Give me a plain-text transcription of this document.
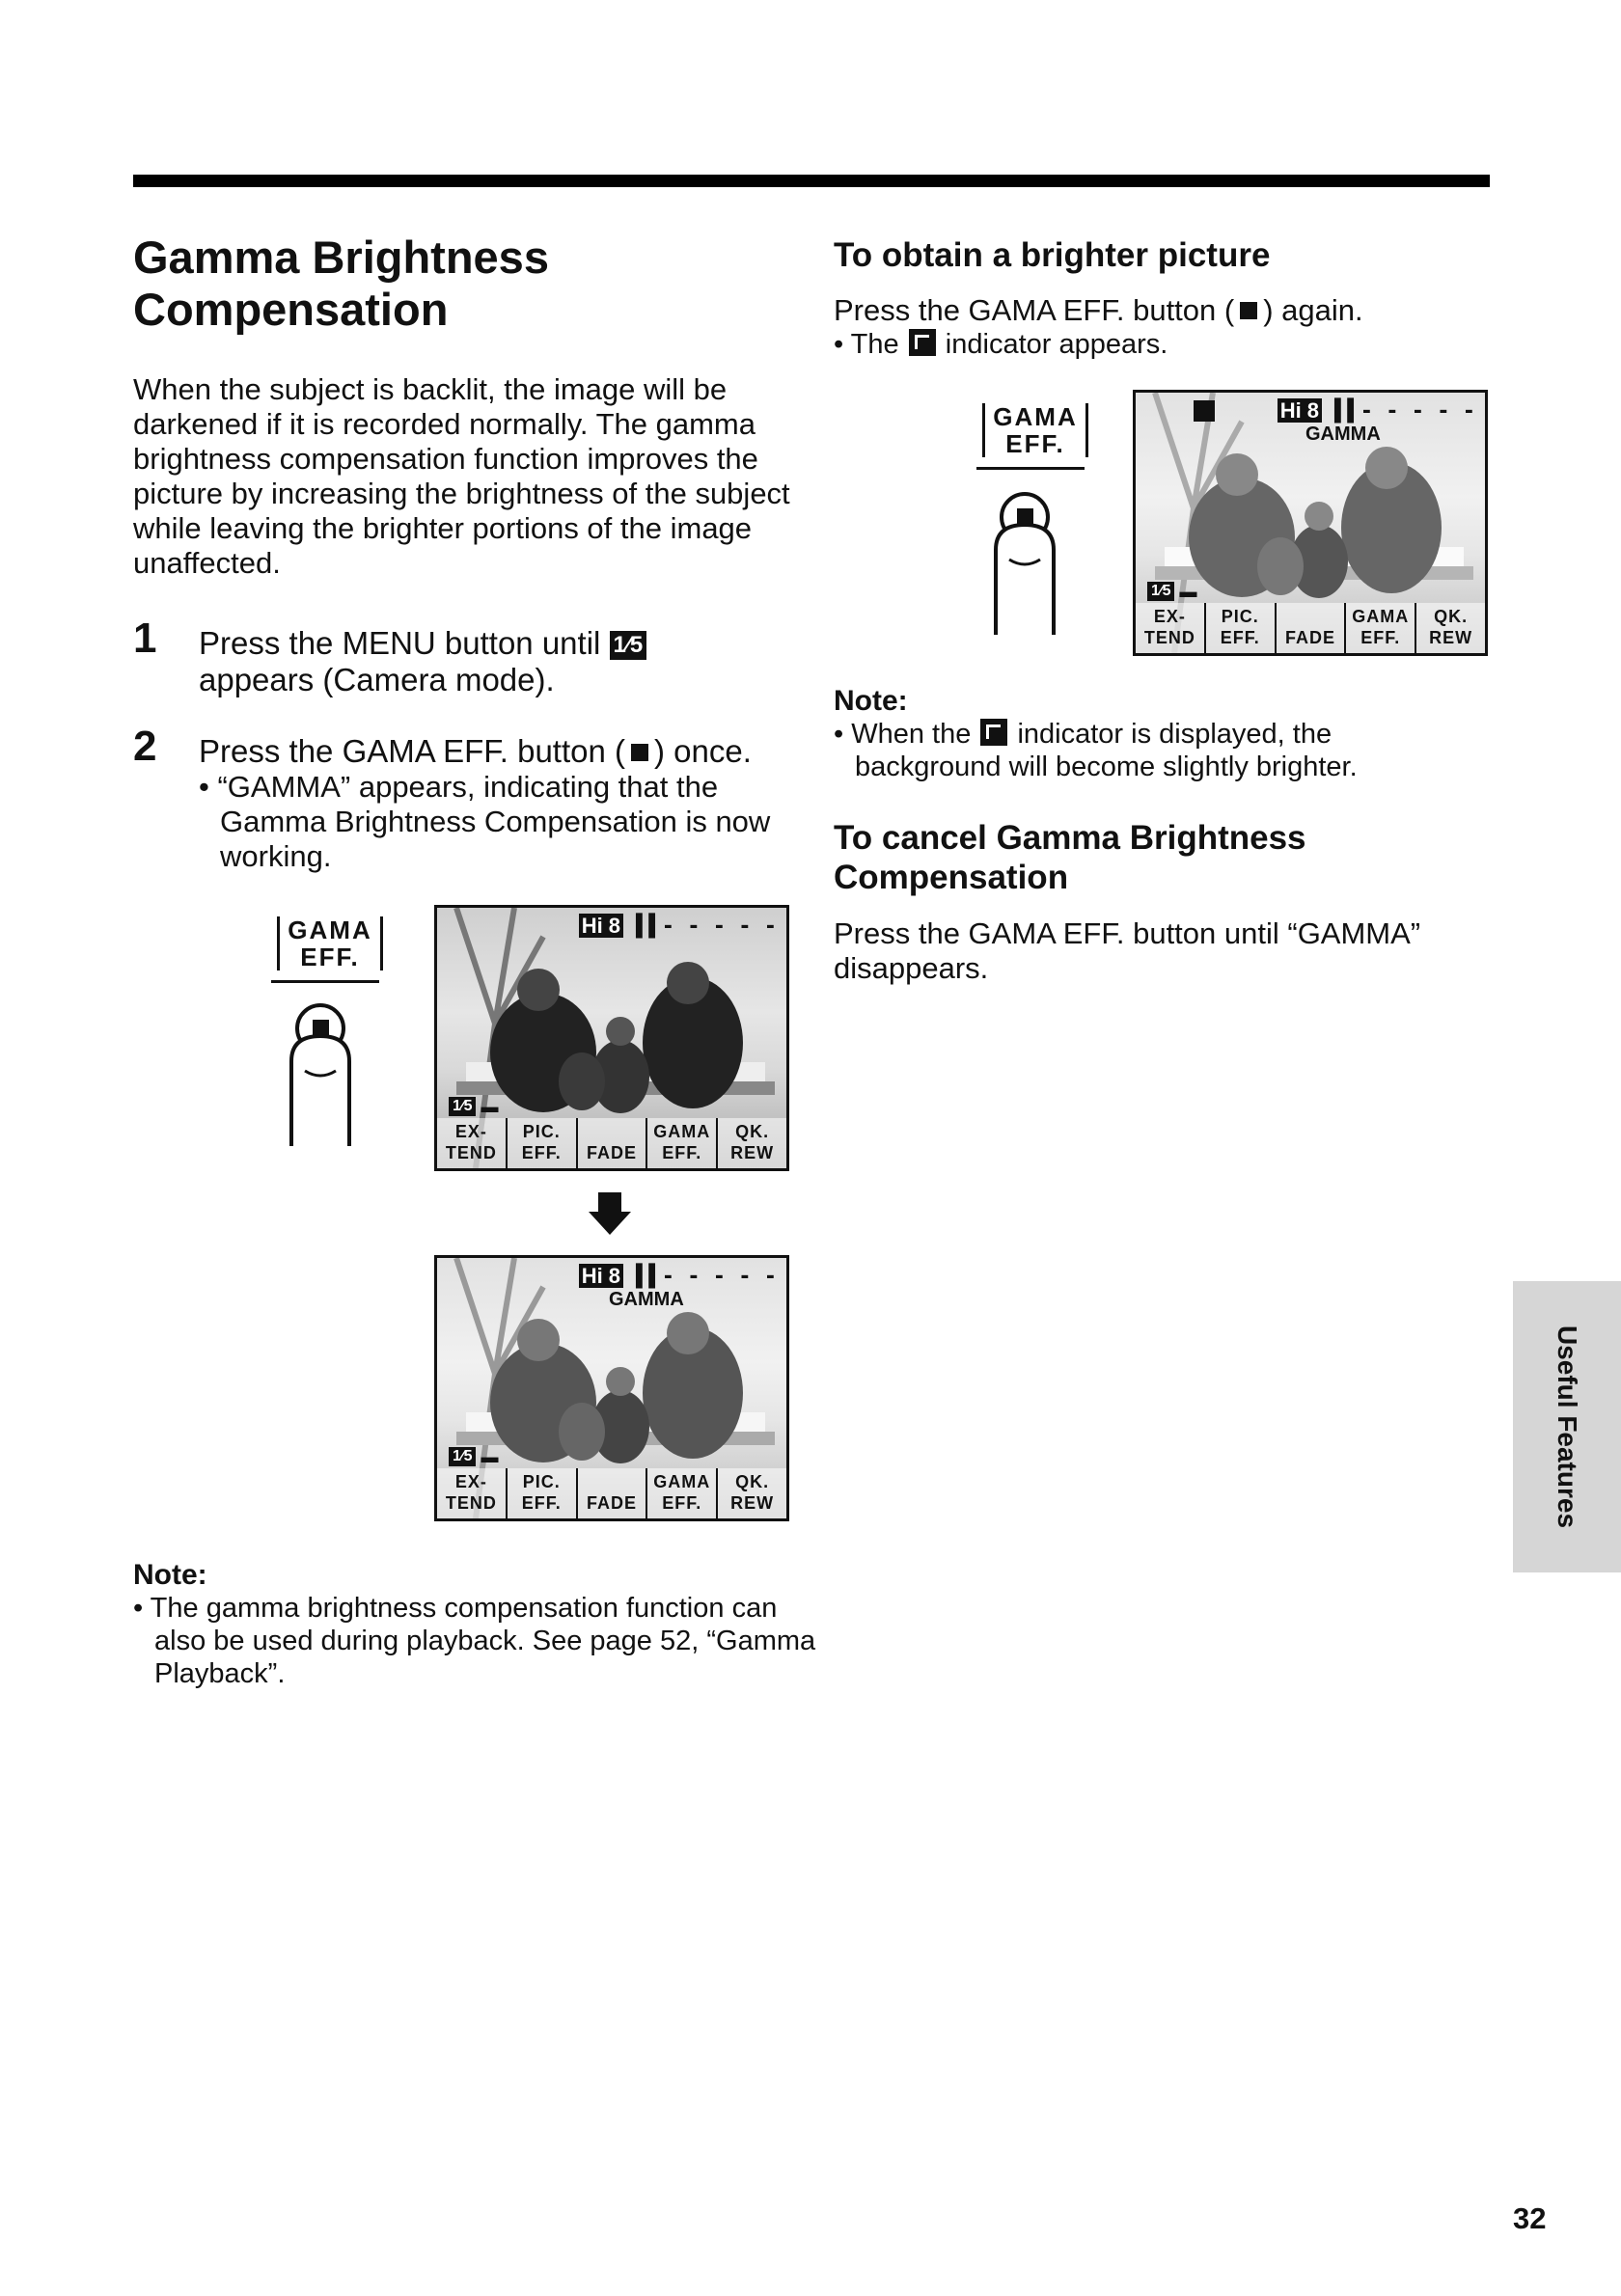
Gamma Brightness
Compensation

When the subject is backlit, the image will be darkened if it is recorded normally. The gamma brightness compensation function improves the picture by increasing the brightness of the subject while leaving the brighter portions of the image unaffected.

1 Press the MENU button until 1⁄5
appears (Camera mode).
2 Press the GAMA EFF. button ( ) once.
• “GAMMA” appears, indicating that the Gamma Brightness Compensation is now working.
GAMA
EFF.
Hi 8 ▌▌- - - - -
1⁄5 ▬
EX-
TEND
PIC.
EFF.	FADE
GAMA
EFF.
QK.
REW
Hi 8 ▌▌- - - - -
GAMMA
1⁄5 ▬
EX-
TEND
PIC.
EFF.	FADE
GAMA
EFF.
QK.
REW
Note:
• The gamma brightness compensation function can also be used during playback. See page 52, “Gamma Playback”.
To obtain a brighter picture
Press the GAMA EFF. button ( ) again.
• The indicator appears.
GAMA
EFF.
Hi 8 ▌▌- - - - -
GAMMA
1⁄5 ▬
EX-
TEND
PIC.
EFF.	FADE
GAMA
EFF.
QK.
REW
Note:
• When the indicator is displayed, the background will become slightly brighter.
To cancel Gamma Brightness
Compensation

Press the GAMA EFF. button until “GAMMA” disappears.

Useful Features
32
